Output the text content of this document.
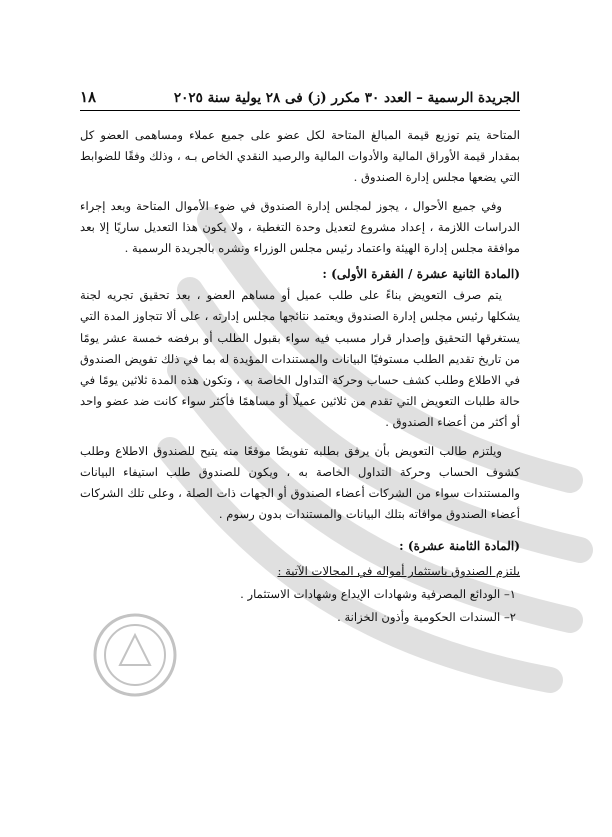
الجريدة الرسمية – العدد ٣٠ مكرر (ز) فى ٢٨ يولية سنة ٢٠٢٥
١٨

المتاحة يتم توزيع قيمة المبالغ المتاحة لكل عضو على جميع عملاء ومساهمى العضو كل بمقدار قيمة الأوراق المالية والأدوات المالية والرصيد النقدي الخاص بـه ، وذلك وفقًا للضوابط التي يضعها مجلس إدارة الصندوق .

وفي جميع الأحوال ، يجوز لمجلس إدارة الصندوق في ضوء الأموال المتاحة وبعد إجراء الدراسات اللازمة ، إعداد مشروع لتعديل وحدة التغطية ، ولا يكون هذا التعديل ساريًا إلا بعد موافقة مجلس إدارة الهيئة واعتماد رئيس مجلس الوزراء ونشره بالجريدة الرسمية .

(المادة الثانية عشرة / الفقرة الأولى) :

يتم صرف التعويض بناءً على طلب عميل أو مساهم العضو ، بعد تحقيق تجريه لجنة يشكلها رئيس مجلس إدارة الصندوق ويعتمد نتائجها مجلس إدارته ، على ألا تتجاوز المدة التي يستغرقها التحقيق وإصدار قرار مسبب فيه سواء بقبول الطلب أو برفضه خمسة عشر يومًا من تاريخ تقديم الطلب مستوفيًا البيانات والمستندات المؤيدة له بما في ذلك تفويض الصندوق في الاطلاع وطلب كشف حساب وحركة التداول الخاصة به ، وتكون هذه المدة ثلاثين يومًا في حالة طلبات التعويض التي تقدم من ثلاثين عميلًا أو مساهمًا فأكثر سواء كانت ضد عضو واحد أو أكثر من أعضاء الصندوق .

ويلتزم طالب التعويض بأن يرفق بطلبه تفويضًا موقعًا منه يتيح للصندوق الاطلاع وطلب كشوف الحساب وحركة التداول الخاصة به ، ويكون للصندوق طلب استيفاء البيانات والمستندات سواء من الشركات أعضاء الصندوق أو الجهات ذات الصلة ، وعلى تلك الشركات أعضاء الصندوق موافاته بتلك البيانات والمستندات بدون رسوم .

(المادة الثامنة عشرة) :

يلتزم الصندوق باستثمار أمواله في المجالات الآتية :

١– الودائع المصرفية وشهادات الإيداع وشهادات الاستثمار .
٢– السندات الحكومية وأذون الخزانة .
